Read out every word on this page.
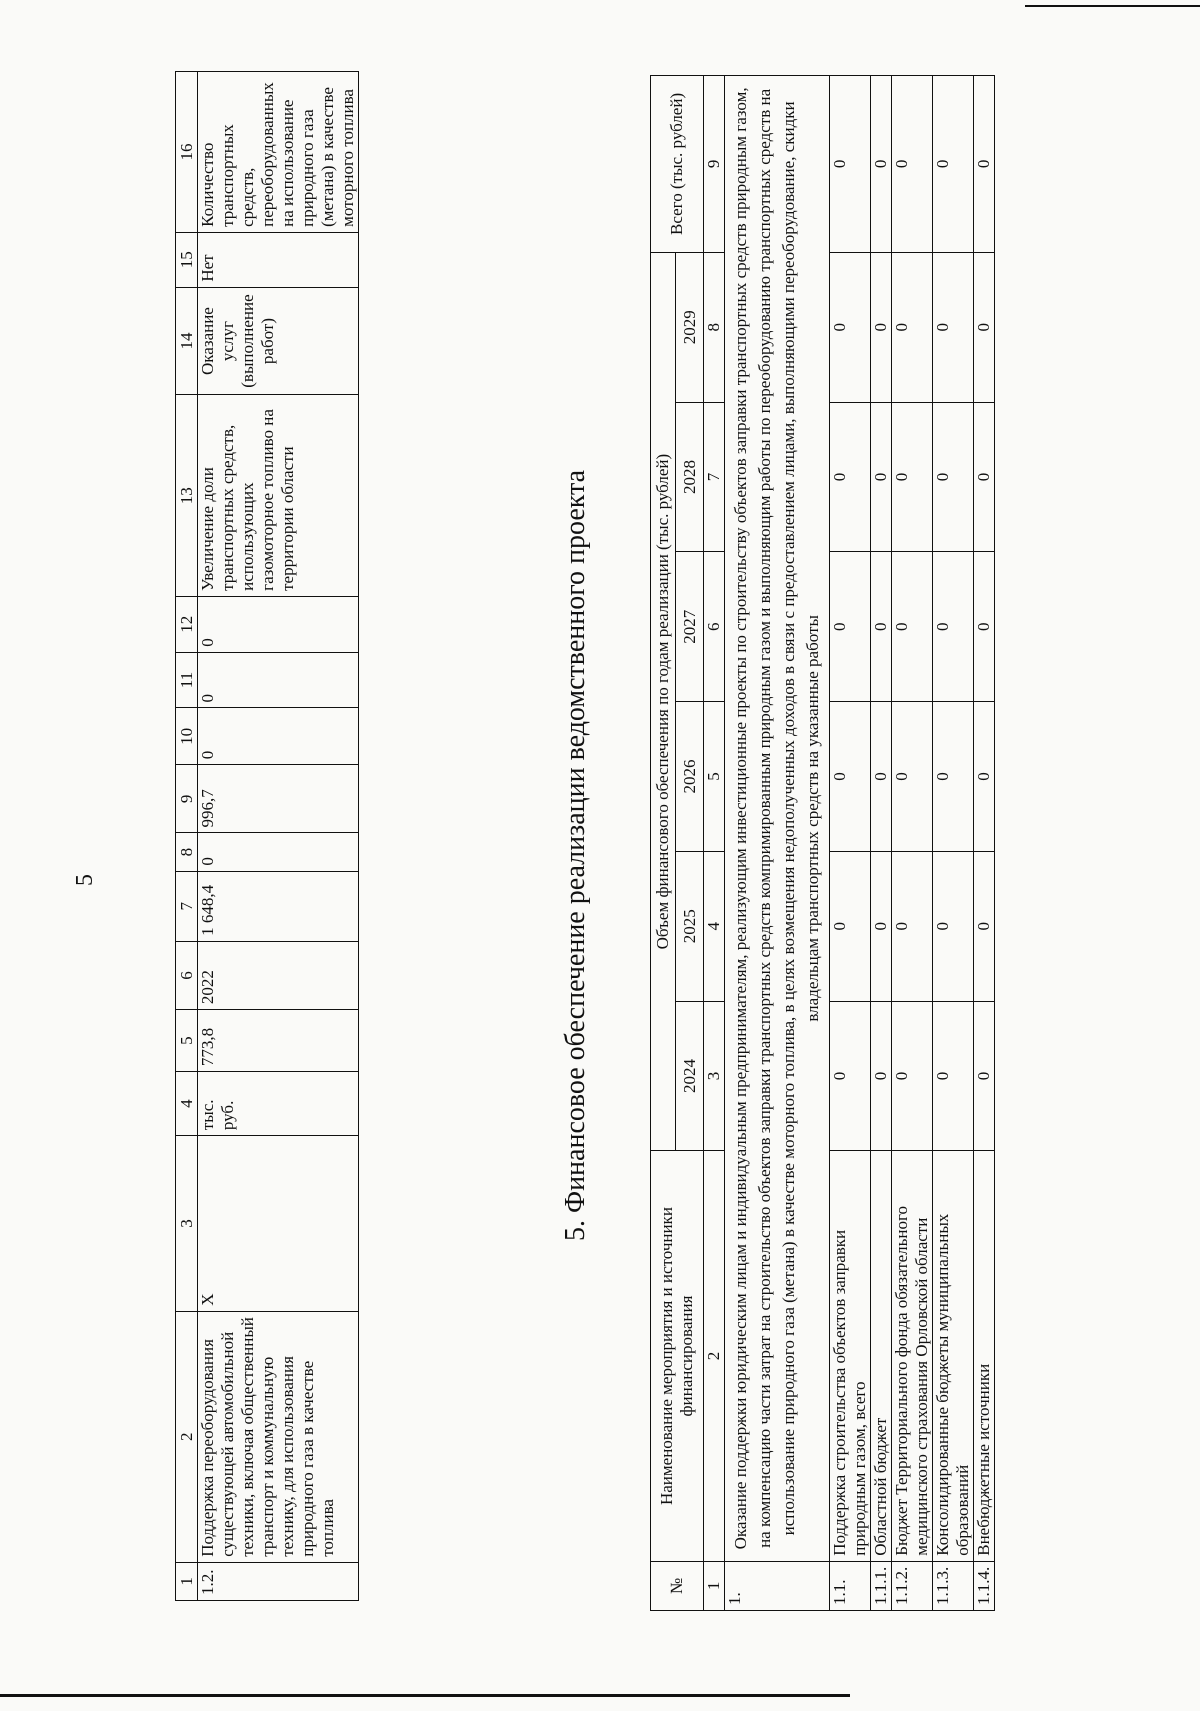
5
1	2	3	4	5	6	7	8	9	10	11	12	13	14	15	16
1.2.	Поддержка переоборудования существующей автомобильной техники, включая общественный транспорт и коммунальную технику, для использования природного газа в качестве топлива	X	тыс. руб.	773,8	2022	1 648,4	0	996,7	0	0	0	Увеличение доли транспортных средств, использующих газомоторное топливо на территории области	Оказание услуг (выполнение работ)	Нет	Количество транспортных средств, переоборудованных на использование природного газа (метана) в качестве моторного топлива
5. Финансовое обеспечение реализации ведомственного проекта
№	Наименование мероприятия и источники финансирования	Объем финансового обеспечения по годам реализации (тыс. рублей)						Всего (тыс. рублей)
		2024	2025	2026	2027	2028	2029	
1	2	3	4	5	6	7	8	9
1.	Оказание поддержки юридическим лицам и индивидуальным предпринимателям, реализующим инвестиционные проекты по строительству объектов заправки транспортных средств природным газом, на компенсацию части затрат на строительство объектов заправки транспортных средств компримированным природным газом и выполняющим работы по переоборудованию транспортных средств на использование природного газа (метана) в качестве моторного топлива, в целях возмещения недополученных доходов в связи с предоставлением лицами, выполняющими переоборудование, скидки владельцам транспортных средств на указанные работы							
1.1.	Поддержка строительства объектов заправки природным газом, всего	0	0	0	0	0	0	0
1.1.1.	Областной бюджет	0	0	0	0	0	0	0
1.1.2.	Бюджет Территориального фонда обязательного медицинского страхования Орловской области	0	0	0	0	0	0	0
1.1.3.	Консолидированные бюджеты муниципальных образований	0	0	0	0	0	0	0
1.1.4.	Внебюджетные источники	0	0	0	0	0	0	0
